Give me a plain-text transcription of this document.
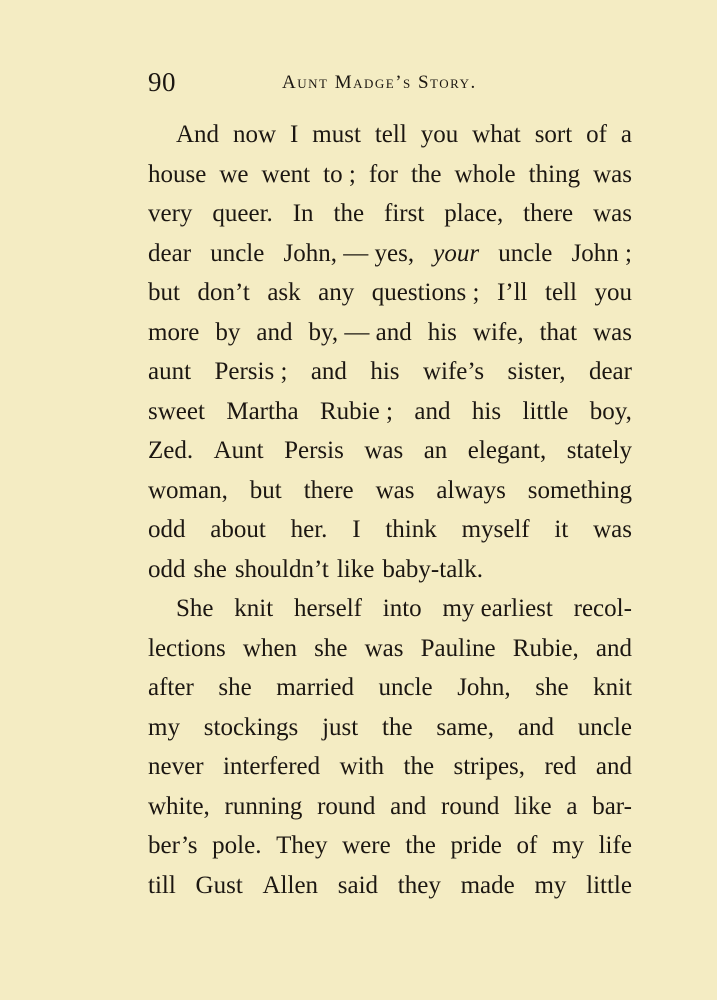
90	Aunt Madge’s Story.
And now I must tell you what sort of a
house we went to ; for the whole thing was
very queer. In the first place, there was
dear uncle John, — yes, your uncle John ;
but don’t ask any questions ; I’ll tell you
more by and by, — and his wife, that was
aunt Persis ; and his wife’s sister, dear
sweet Martha Rubie ; and his little boy,
Zed. Aunt Persis was an elegant, stately
woman, but there was always something
odd about her. I think myself it was
odd she shouldn’t like baby-talk.
She knit herself into my earliest recol-
lections when she was Pauline Rubie, and
after she married uncle John, she knit
my stockings just the same, and uncle
never interfered with the stripes, red and
white, running round and round like a bar-
ber’s pole. They were the pride of my life
till Gust Allen said they made my little
